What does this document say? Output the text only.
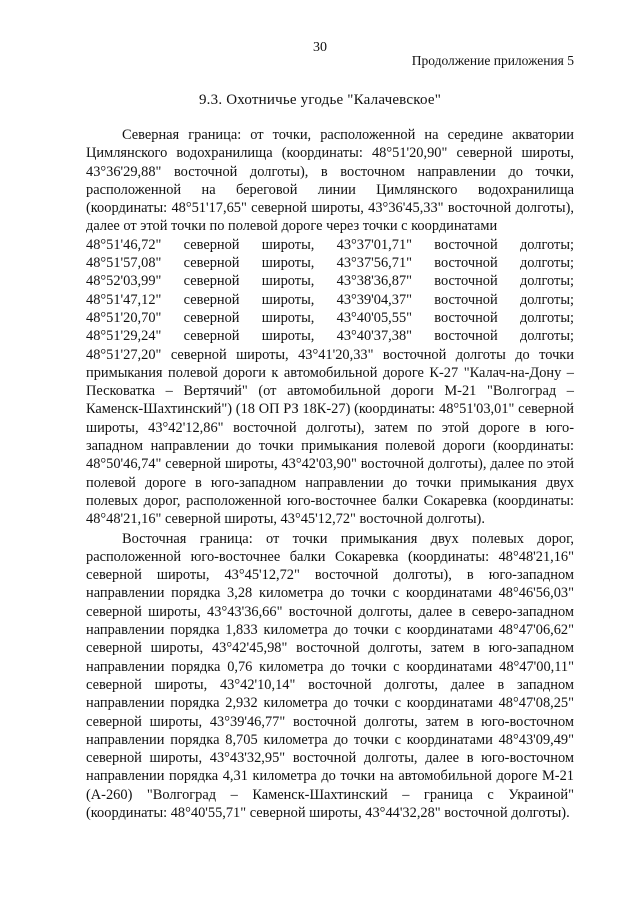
30
Продолжение приложения 5
9.3. Охотничье угодье "Калачевское"

Северная граница: от точки, расположенной на середине акватории Цимлянского водохранилища (координаты: 48°51'20,90" северной широты, 43°36'29,88" восточной долготы), в восточном направлении до точки, расположенной на береговой линии Цимлянского водохранилища (координаты: 48°51'17,65" северной широты, 43°36'45,33" восточной долготы), далее от этой точки по полевой дороге через точки с координатами

48°51'46,72" северной широты, 43°37'01,71" восточной долготы;
48°51'57,08" северной широты, 43°37'56,71" восточной долготы;
48°52'03,99" северной широты, 43°38'36,87" восточной долготы;
48°51'47,12" северной широты, 43°39'04,37" восточной долготы;
48°51'20,70" северной широты, 43°40'05,55" восточной долготы;
48°51'29,24" северной широты, 43°40'37,38" восточной долготы;

48°51'27,20" северной широты, 43°41'20,33" восточной долготы до точки примыкания полевой дороги к автомобильной дороге К-27 "Калач-на-Дону – Песковатка – Вертячий" (от автомобильной дороги М-21 "Волгоград – Каменск-Шахтинский") (18 ОП РЗ 18К-27) (координаты: 48°51'03,01" северной широты, 43°42'12,86" восточной долготы), затем по этой дороге в юго-западном направлении до точки примыкания полевой дороги (координаты: 48°50'46,74" северной широты, 43°42'03,90" восточной долготы), далее по этой полевой дороге в юго-западном направлении до точки примыкания двух полевых дорог, расположенной юго-восточнее балки Сокаревка (координаты: 48°48'21,16" северной широты, 43°45'12,72" восточной долготы).

Восточная граница: от точки примыкания двух полевых дорог, расположенной юго-восточнее балки Сокаревка (координаты: 48°48'21,16" северной широты, 43°45'12,72" восточной долготы), в юго-западном направлении порядка 3,28 километра до точки с координатами 48°46'56,03" северной широты, 43°43'36,66" восточной долготы, далее в северо-западном направлении порядка 1,833 километра до точки с координатами 48°47'06,62" северной широты, 43°42'45,98" восточной долготы, затем в юго-западном направлении порядка 0,76 километра до точки с координатами 48°47'00,11" северной широты, 43°42'10,14" восточной долготы, далее в западном направлении порядка 2,932 километра до точки с координатами 48°47'08,25" северной широты, 43°39'46,77" восточной долготы, затем в юго-восточном направлении порядка 8,705 километра до точки с координатами 48°43'09,49" северной широты, 43°43'32,95" восточной долготы, далее в юго-восточном направлении порядка 4,31 километра до точки на автомобильной дороге М-21 (А-260) "Волгоград – Каменск-Шахтинский – граница с Украиной" (координаты: 48°40'55,71" северной широты, 43°44'32,28" восточной долготы).
